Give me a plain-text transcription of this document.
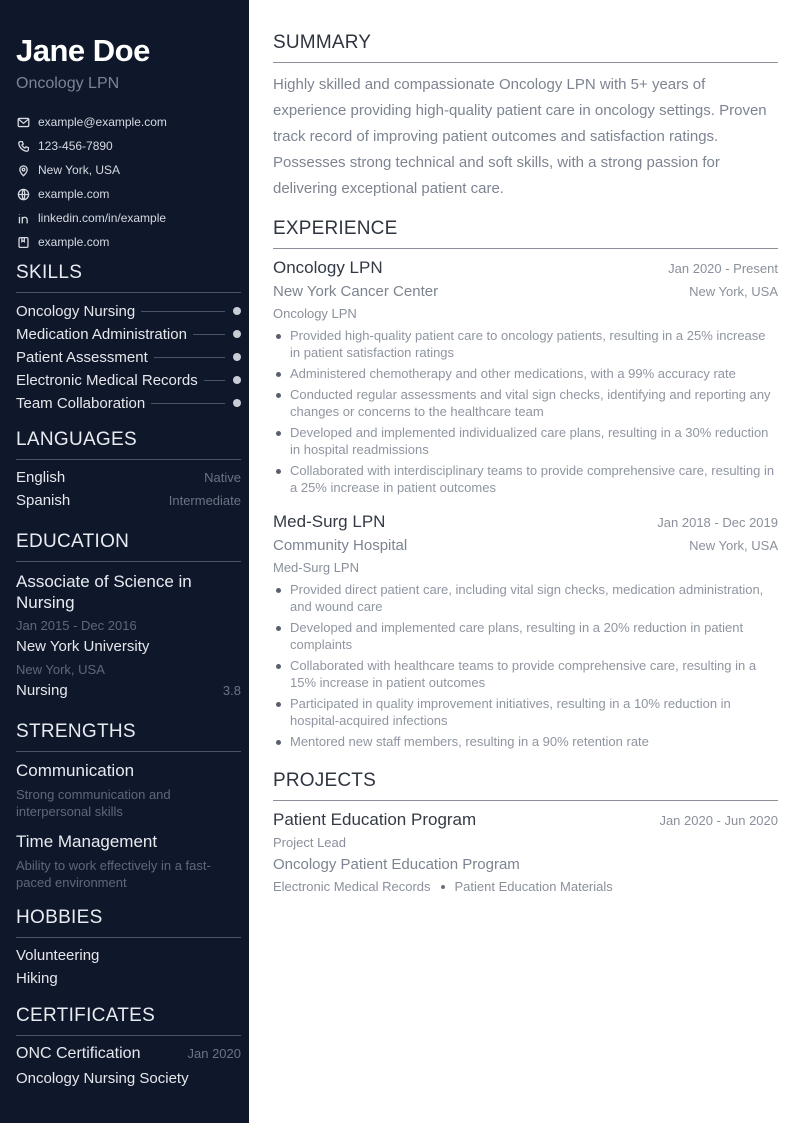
Jane Doe
Oncology LPN
example@example.com
123-456-7890
New York, USA
example.com
linkedin.com/in/example
example.com
SKILLS
Oncology Nursing
Medication Administration
Patient Assessment
Electronic Medical Records
Team Collaboration
LANGUAGES
English	Native
Spanish	Intermediate
EDUCATION
Associate of Science in Nursing
Jan 2015 - Dec 2016
New York University
New York, USA
Nursing	3.8
STRENGTHS
Communication
Strong communication and interpersonal skills
Time Management
Ability to work effectively in a fast-paced environment
HOBBIES
Volunteering
Hiking
CERTIFICATES
ONC Certification	Jan 2020
Oncology Nursing Society
SUMMARY

Highly skilled and compassionate Oncology LPN with 5+ years of experience providing high-quality patient care in oncology settings. Proven track record of improving patient outcomes and satisfaction ratings. Possesses strong technical and soft skills, with a strong passion for delivering exceptional patient care.

EXPERIENCE
Oncology LPN	Jan 2020 - Present
New York Cancer Center	New York, USA
Oncology LPN
Provided high-quality patient care to oncology patients, resulting in a 25% increase in patient satisfaction ratings
Administered chemotherapy and other medications, with a 99% accuracy rate
Conducted regular assessments and vital sign checks, identifying and reporting any changes or concerns to the healthcare team
Developed and implemented individualized care plans, resulting in a 30% reduction in hospital readmissions
Collaborated with interdisciplinary teams to provide comprehensive care, resulting in a 25% increase in patient outcomes
Med-Surg LPN	Jan 2018 - Dec 2019
Community Hospital	New York, USA
Med-Surg LPN
Provided direct patient care, including vital sign checks, medication administration, and wound care
Developed and implemented care plans, resulting in a 20% reduction in patient complaints
Collaborated with healthcare teams to provide comprehensive care, resulting in a 15% increase in patient outcomes
Participated in quality improvement initiatives, resulting in a 10% reduction in hospital-acquired infections
Mentored new staff members, resulting in a 90% retention rate
PROJECTS
Patient Education Program	Jan 2020 - Jun 2020
Project Lead
Oncology Patient Education Program
Electronic Medical Records Patient Education Materials
